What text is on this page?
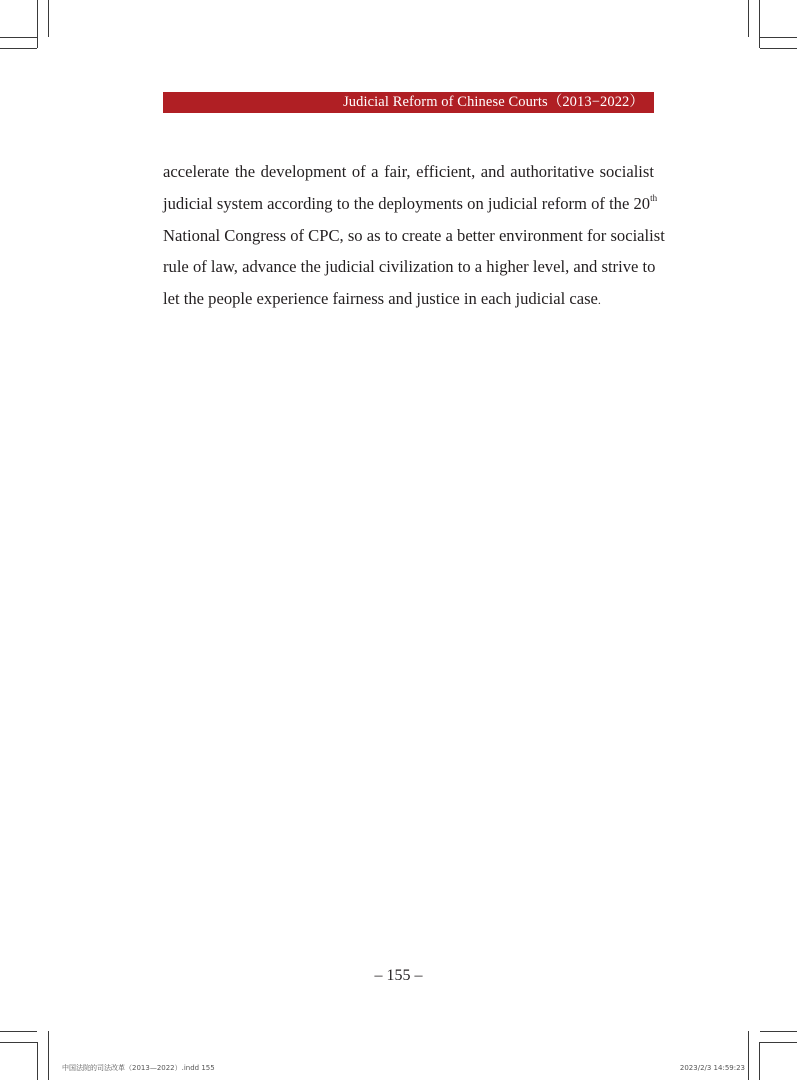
Judicial Reform of Chinese Courts（2013−2022）
accelerate the development of a fair, efficient, and authoritative socialist
judicial system according to the deployments on judicial reform of the 20th
National Congress of CPC, so as to create a better environment for socialist
rule of law, advance the judicial civilization to a higher level, and strive to
let the people experience fairness and justice in each judicial case.
– 155 –
中国法院的司法改革（2013—2022）.indd 155	2023/2/3 14:59:23
